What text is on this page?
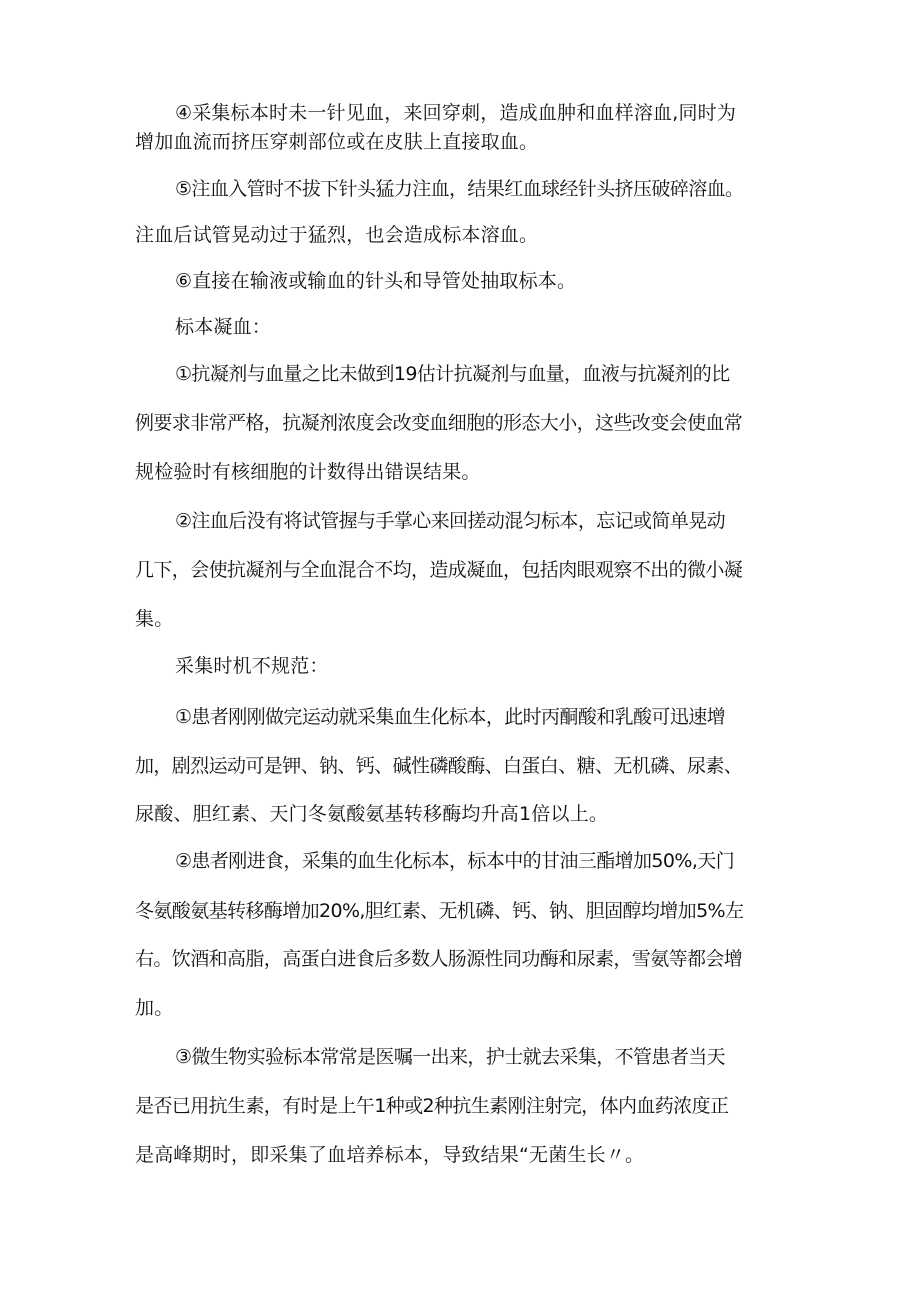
④采集标本时未一针见血，来回穿刺，造成血肿和血样溶血,同时为
增加血流而挤压穿刺部位或在皮肤上直接取血。
⑤注血入管时不拔下针头猛力注血，结果红血球经针头挤压破碎溶血。
注血后试管晃动过于猛烈，也会造成标本溶血。
⑥直接在输液或输血的针头和导管处抽取标本。
标本凝血：
①抗凝剂与血量之比未做到19估计抗凝剂与血量，血液与抗凝剂的比
例要求非常严格，抗凝剂浓度会改变血细胞的形态大小，这些改变会使血常
规检验时有核细胞的计数得出错误结果。
②注血后没有将试管握与手掌心来回搓动混匀标本，忘记或简单晃动
几下，会使抗凝剂与全血混合不均，造成凝血，包括肉眼观察不出的微小凝
集。
采集时机不规范：
①患者刚刚做完运动就采集血生化标本，此时丙酮酸和乳酸可迅速增
加，剧烈运动可是钾、钠、钙、碱性磷酸酶、白蛋白、糖、无机磷、尿素、
尿酸、胆红素、天门冬氨酸氨基转移酶均升高1倍以上。
②患者刚进食，采集的血生化标本，标本中的甘油三酯增加50%,天门
冬氨酸氨基转移酶增加20%,胆红素、无机磷、钙、钠、胆固醇均增加5%左
右。饮酒和高脂，高蛋白进食后多数人肠源性同功酶和尿素，雪氨等都会增
加。
③微生物实验标本常常是医嘱一出来，护士就去采集，不管患者当天
是否已用抗生素，有时是上午1种或2种抗生素刚注射完，体内血药浓度正
是高峰期时，即采集了血培养标本，导致结果“无菌生长〃。
